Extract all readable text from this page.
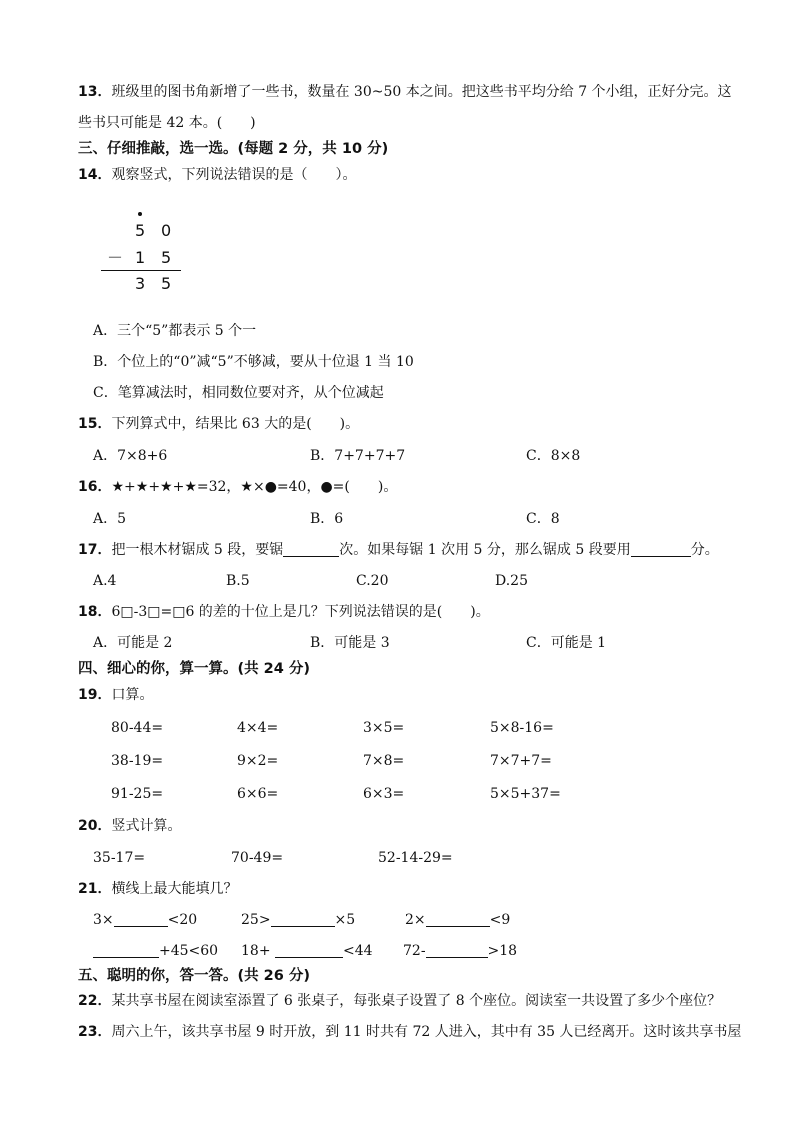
13．班级里的图书角新增了一些书，数量在 30~50 本之间。把这些书平均分给 7 个小组，正好分完。这
些书只可能是 42 本。(　　)
三、仔细推敲，选一选。(每题 2 分，共 10 分)
14．观察竖式，下列说法错误的是（　　）。
5 0
－ 1 5
3 5
A．三个“5”都表示 5 个一
B．个位上的“0”减“5”不够减，要从十位退 1 当 10
C．笔算减法时，相同数位要对齐，从个位减起
15．下列算式中，结果比 63 大的是(　　)。
A．7×8+6	B．7+7+7+7	C．8×8
16．★+★+★+★=32，★×●=40，●=(　　)。
A．5	B．6	C．8
17．把一根木材锯成 5 段，要锯	次。如果每锯 1 次用 5 分，那么锯成 5 段要用	分。
A.4	B.5	C.20	D.25
18．6□-3□=□6 的差的十位上是几？下列说法错误的是(　　)。
A．可能是 2	B．可能是 3	C．可能是 1
四、细心的你，算一算。(共 24 分)
19．口算。
80-44=	4×4=	3×5=	5×8-16=
38-19=	9×2=	7×8=	7×7+7=
91-25=	6×6=	6×3=	5×5+37=
20．竖式计算。
35-17=	70-49=	52-14-29=
21．横线上最大能填几？
3×	<20	25>	×5	2×	<9
+45<60 18+	<44 72-	>18
五、聪明的你，答一答。(共 26 分)
22．某共享书屋在阅读室添置了 6 张桌子，每张桌子设置了 8 个座位。阅读室一共设置了多少个座位？
23．周六上午，该共享书屋 9 时开放，到 11 时共有 72 人进入，其中有 35 人已经离开。这时该共享书屋
